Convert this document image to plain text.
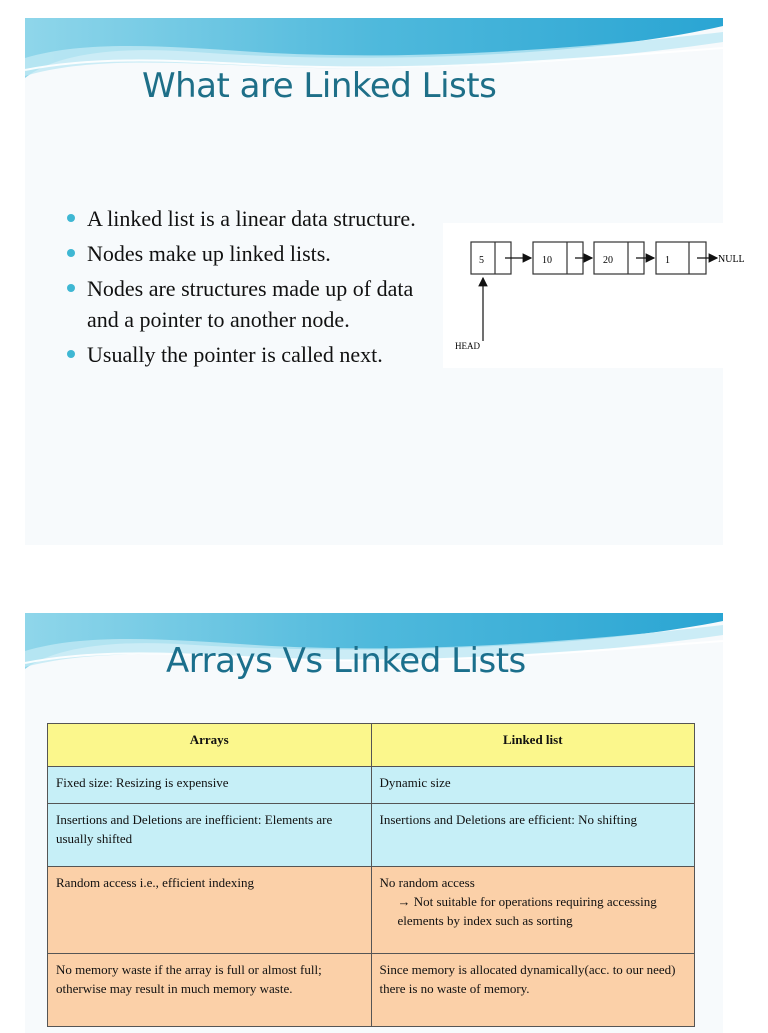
What are Linked Lists
A linked list is a linear data structure.
Nodes make up linked lists.
Nodes are structures made up of data and a pointer to another node.
Usually the pointer is called next.
5	10	20	1	NULL
HEAD
Arrays Vs Linked Lists
Arrays	Linked list
Fixed size: Resizing is expensive	Dynamic size
Insertions and Deletions are inefficient: Elements are usually shifted	Insertions and Deletions are efficient: No shifting
Random access i.e., efficient indexing	No random access
→ Not suitable for operations requiring accessing elements by index such as sorting

No memory waste if the array is full or almost full; otherwise may result in much memory waste.	Since memory is allocated dynamically(acc. to our need) there is no waste of memory.
